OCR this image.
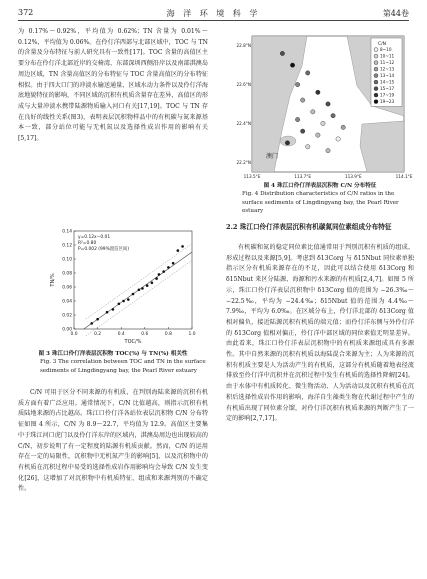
372	海 洋 环 境 科 学	第44卷

为 0.17%～0.92%，平均值为 0.62%；TN 含量为 0.01%～0.12%，平均值为 0.06%。在伶仃洋西部与北部区域中，TOC 与 TN 的含量及分布特征与前人研究具有一致性[17]。TOC 含量的高值区主要分布在伶仃洋北部近岸的交椅湾、东部深圳西侧沿岸以及南部淇澳岛周边区域，TN 含量高值区的分布特征与 TOC 含量高值区的分布特征相似。由于四大口门的冲淡水输送通量、区域水动力条件以及伶仃洋海底地貌特征的影响，不同区域的沉积有机质含量存在差异，高值区的形成与大量冲淡水携带陆源物质输入河口有关[17,19]。TOC 与 TN 存在良好的线性关系(图3)，表明表层沉积物样品中的有机碳与氮来源基本一致，部分站位可能与无机氮以及选择性成岩作用的影响有关[5,17]。

0.00
0.02
0.04
0.06
0.08
0.10
0.12
0.14
0.0	0.2	0.4	0.6	0.8	1.0
TOC/%
TN/%
y=0.12x−0.01
R²=0.80
P=0.002 (99%置信区间)
图 3 珠江口伶仃洋表层沉积物 TOC(%) 与 TN(%) 相关性
Fig. 3 The correlation between TOC and TN in the surface sediments of Lingdingyang bay, the Pearl River estuary

C/N 可用于区分不同来源的有机质，在判别海陆来源的沉积有机质方面有着广泛应用。通常情况下，C/N 比值越高，则指示沉积有机质陆地来源的占比越高。珠江口伶仃洋各站位表层沉积物 C/N 分布特征如图 4 所示，C/N 为 8.9～22.7，平均值为 12.9。高值区主要集中于珠江河口虎门以及伶仃洋东岸的区域内，淇澳岛周边也出现较高的 C/N，初步说明了有一定程度的陆源有机质贡献。然而，C/N 的运用存在一定的局限性，沉积物中无机氮产生的影响[5]，以及沉积物中的有机质在沉积过程中易受的选择性成岩作用影响均会导致 C/N 发生变化[26]，这增加了对沉积物中有机质特征、组成和来源判别的不确定性。

澳门
22.8°N
22.6°N
22.4°N
22.2°N
113.5°E	113.7°E	113.9°E	114.1°E
C/N
8~10
10~11
11~12
12~13
13~14
14~15
15~17
17~19
19~23
图 4 珠江口伶仃洋表层沉积物 C/N 分布特征
Fig. 4 Distribution characteristics of C/N ratios in the surface sediments of Lingdingyang bay, the Pearl River estuary
2.2 珠江口伶仃洋表层沉积有机碳氮同位素组成分布特征

有机碳和氮的稳定同位素比值通常用于判别沉积有机质的组成、形成过程以及来源[5,9]。考虑到 δ13Corg 与 δ15Nbut 同位素单独指示区分有机质来源存在的不足，因此可以结合使用 δ13Corg 和 δ15Nbut 来区分陆源、海源和污水来源的有机质[2,4,7]。如图 5 所示，珠江口伶仃洋表层沉积物中 δ13Corg 值的范围为 −26.3‰～−22.5‰，平均为 −24.4‰；δ15Nbut 值的范围为 4.4‰～7.9‰，平均为 6.0‰。在区域分布上，伶仃洋北部的 δ13Corg 值相对偏负，接近陆源沉积有机质的端元值；而伶仃洋东侧与外伶仃洋的 δ13Corg 值相对偏正，伶仃洋中部区域的同位素值无明显差异。由此看来，珠江口伶仃洋表层沉积物中的有机质来源组成具有多源性。其中自然来源的沉积有机质以海陆混合来源为主；人为来源的沉积有机质主要是人为活动产生的有机质，这部分有机质随着地表径流排放至伶仃洋中沉积并在沉积过程中发生有机质的选择性降解[24]。由于水体中有机质转化、微生物活动、人为活动以及沉积有机质在沉积后选择性成岩作用的影响，海洋自生藻类生物在代谢过程中产生的有机质出现了同位素分馏，对伶仃洋沉积有机质来源的判断产生了一定的影响[2,7,17]。
